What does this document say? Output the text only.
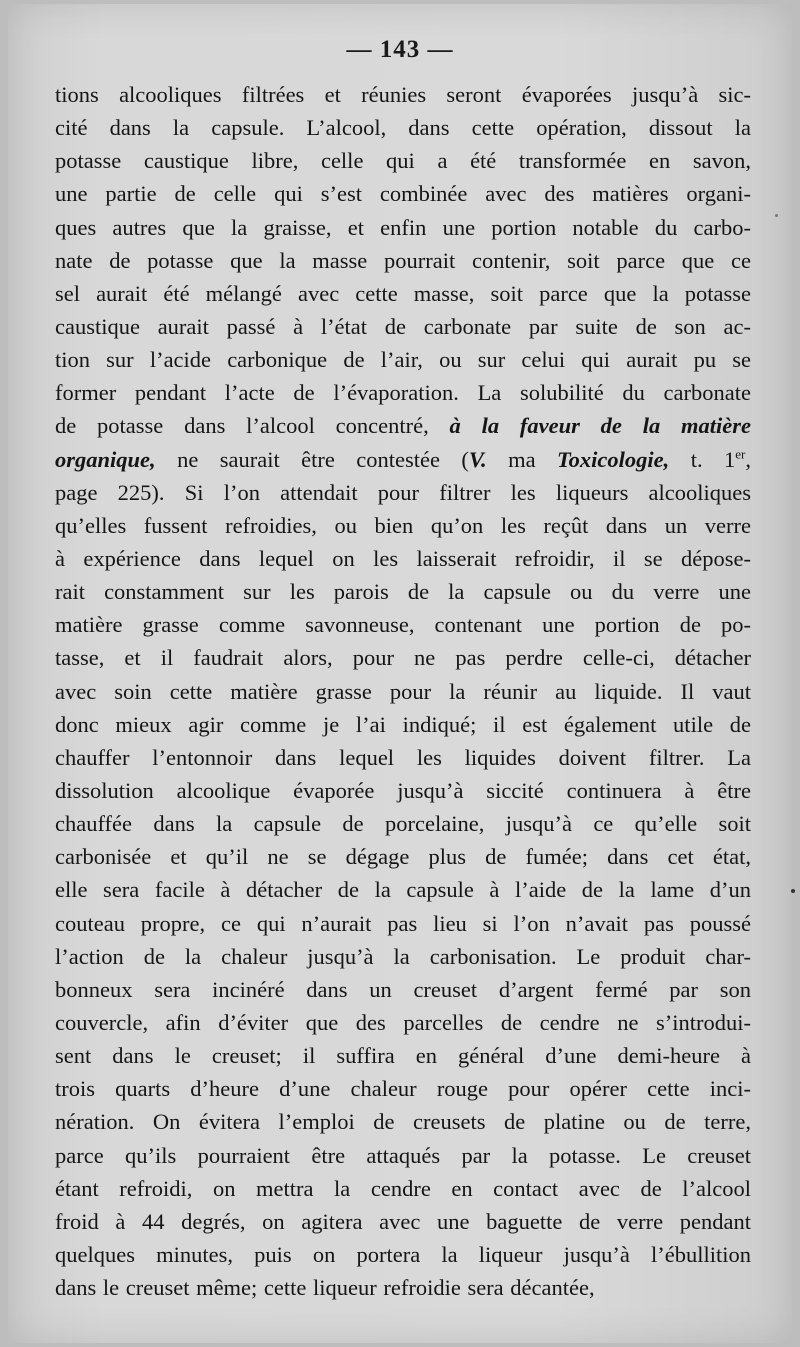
— 143 —
tions alcooliques filtrées et réunies seront évaporées jusqu’à sic-
cité dans la capsule. L’alcool, dans cette opération, dissout la
potasse caustique libre, celle qui a été transformée en savon,
une partie de celle qui s’est combinée avec des matières organi-
ques autres que la graisse, et enfin une portion notable du carbo-
nate de potasse que la masse pourrait contenir, soit parce que ce
sel aurait été mélangé avec cette masse, soit parce que la potasse
caustique aurait passé à l’état de carbonate par suite de son ac-
tion sur l’acide carbonique de l’air, ou sur celui qui aurait pu se
former pendant l’acte de l’évaporation. La solubilité du carbonate
de potasse dans l’alcool concentré, à la faveur de la matière
organique, ne saurait être contestée (V. ma Toxicologie, t. 1er,
page 225). Si l’on attendait pour filtrer les liqueurs alcooliques
qu’elles fussent refroidies, ou bien qu’on les reçût dans un verre
à expérience dans lequel on les laisserait refroidir, il se dépose-
rait constamment sur les parois de la capsule ou du verre une
matière grasse comme savonneuse, contenant une portion de po-
tasse, et il faudrait alors, pour ne pas perdre celle-ci, détacher
avec soin cette matière grasse pour la réunir au liquide. Il vaut
donc mieux agir comme je l’ai indiqué; il est également utile de
chauffer l’entonnoir dans lequel les liquides doivent filtrer. La
dissolution alcoolique évaporée jusqu’à siccité continuera à être
chauffée dans la capsule de porcelaine, jusqu’à ce qu’elle soit
carbonisée et qu’il ne se dégage plus de fumée; dans cet état,
elle sera facile à détacher de la capsule à l’aide de la lame d’un
couteau propre, ce qui n’aurait pas lieu si l’on n’avait pas poussé
l’action de la chaleur jusqu’à la carbonisation. Le produit char-
bonneux sera incinéré dans un creuset d’argent fermé par son
couvercle, afin d’éviter que des parcelles de cendre ne s’introdui-
sent dans le creuset; il suffira en général d’une demi-heure à
trois quarts d’heure d’une chaleur rouge pour opérer cette inci-
nération. On évitera l’emploi de creusets de platine ou de terre,
parce qu’ils pourraient être attaqués par la potasse. Le creuset
étant refroidi, on mettra la cendre en contact avec de l’alcool
froid à 44 degrés, on agitera avec une baguette de verre pendant
quelques minutes, puis on portera la liqueur jusqu’à l’ébullition
dans le creuset même; cette liqueur refroidie sera décantée,
